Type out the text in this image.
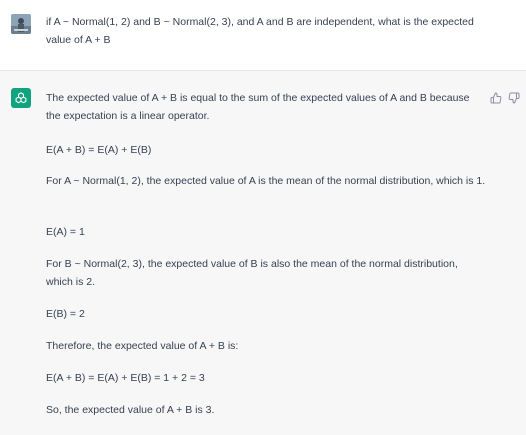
if A ~ Normal(1, 2) and B ~ Normal(2, 3), and A and B are independent, what is the expected value of A + B

The expected value of A + B is equal to the sum of the expected values of A and B because the expectation is a linear operator.

E(A + B) = E(A) + E(B)

For A ~ Normal(1, 2), the expected value of A is the mean of the normal distribution, which is 1.

E(A) = 1

For B ~ Normal(2, 3), the expected value of B is also the mean of the normal distribution, which is 2.

E(B) = 2

Therefore, the expected value of A + B is:

E(A + B) = E(A) + E(B) = 1 + 2 = 3

So, the expected value of A + B is 3.
